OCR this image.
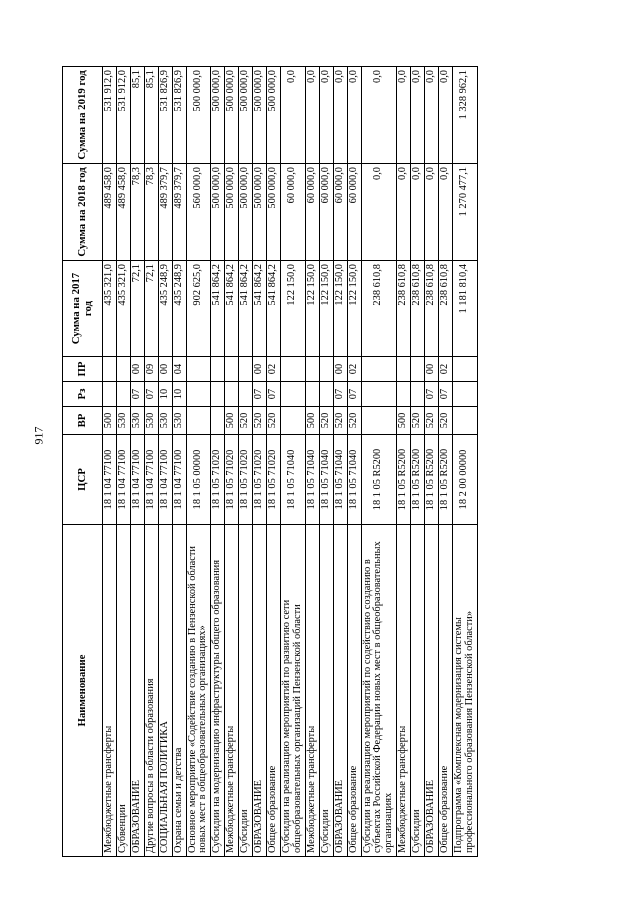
917
Наименование	ЦСР	ВР	Рз	ПР	Сумма на 2017 год	Сумма на 2018 год	Сумма на 2019 год
Межбюджетные трансферты	18 1 04 77100	500			435 321,0	489 458,0	531 912,0
Субвенции	18 1 04 77100	530			435 321,0	489 458,0	531 912,0
ОБРАЗОВАНИЕ	18 1 04 77100	530	07	00	72,1	78,3	85,1
Другие вопросы в области образования	18 1 04 77100	530	07	09	72,1	78,3	85,1
СОЦИАЛЬНАЯ ПОЛИТИКА	18 1 04 77100	530	10	00	435 248,9	489 379,7	531 826,9
Охрана семьи и детства	18 1 04 77100	530	10	04	435 248,9	489 379,7	531 826,9
Основное мероприятие «Содействие созданию в Пензенской области новых мест в общеобразовательных организациях»	18 1 05 00000				902 625,0	560 000,0	500 000,0
Субсидии на модернизацию инфраструктуры общего образования	18 1 05 71020				541 864,2	500 000,0	500 000,0
Межбюджетные трансферты	18 1 05 71020	500			541 864,2	500 000,0	500 000,0
Субсидии	18 1 05 71020	520			541 864,2	500 000,0	500 000,0
ОБРАЗОВАНИЕ	18 1 05 71020	520	07	00	541 864,2	500 000,0	500 000,0
Общее образование	18 1 05 71020	520	07	02	541 864,2	500 000,0	500 000,0
Субсидии на реализацию мероприятий по развитию сети общеобразовательных организаций Пензенской области	18 1 05 71040				122 150,0	60 000,0	0,0
Межбюджетные трансферты	18 1 05 71040	500			122 150,0	60 000,0	0,0
Субсидии	18 1 05 71040	520			122 150,0	60 000,0	0,0
ОБРАЗОВАНИЕ	18 1 05 71040	520	07	00	122 150,0	60 000,0	0,0
Общее образование	18 1 05 71040	520	07	02	122 150,0	60 000,0	0,0
Субсидии на реализацию мероприятий по содействию созданию в субъектах Российской Федерации новых мест в общеобразовательных организациях	18 1 05 R5200				238 610,8	0,0	0,0
Межбюджетные трансферты	18 1 05 R5200	500			238 610,8	0,0	0,0
Субсидии	18 1 05 R5200	520			238 610,8	0,0	0,0
ОБРАЗОВАНИЕ	18 1 05 R5200	520	07	00	238 610,8	0,0	0,0
Общее образование	18 1 05 R5200	520	07	02	238 610,8	0,0	0,0
Подпрограмма «Комплексная модернизация системы профессионального образования Пензенской области»	18 2 00 00000				1 181 810,4	1 270 477,1	1 328 962,1
